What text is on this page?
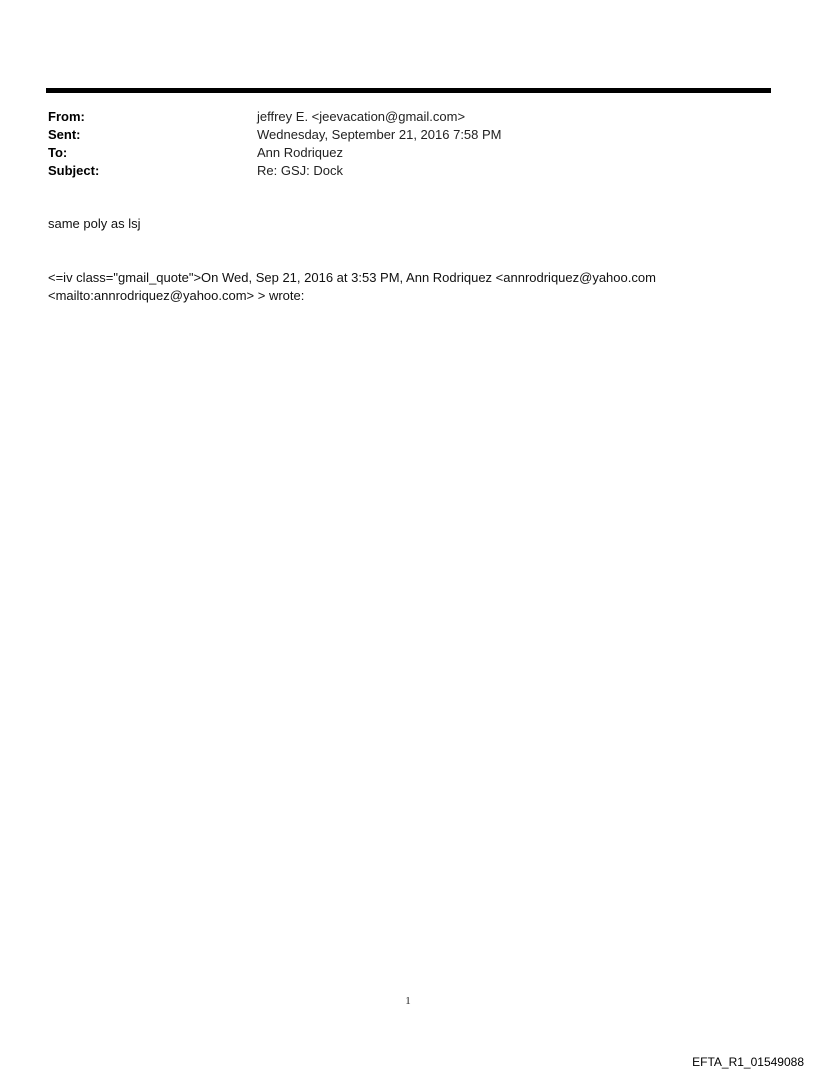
From:	jeffrey E. <jeevacation@gmail.com>
Sent:	Wednesday, September 21, 2016 7:58 PM
To:	Ann Rodriquez
Subject:	Re: GSJ: Dock
same poly as lsj
<=iv class="gmail_quote">On Wed, Sep 21, 2016 at 3:53 PM, Ann Rodriquez <annrodriquez@yahoo.com
<mailto:annrodriquez@yahoo.com> > wrote:
1
EFTA_R1_01549088
